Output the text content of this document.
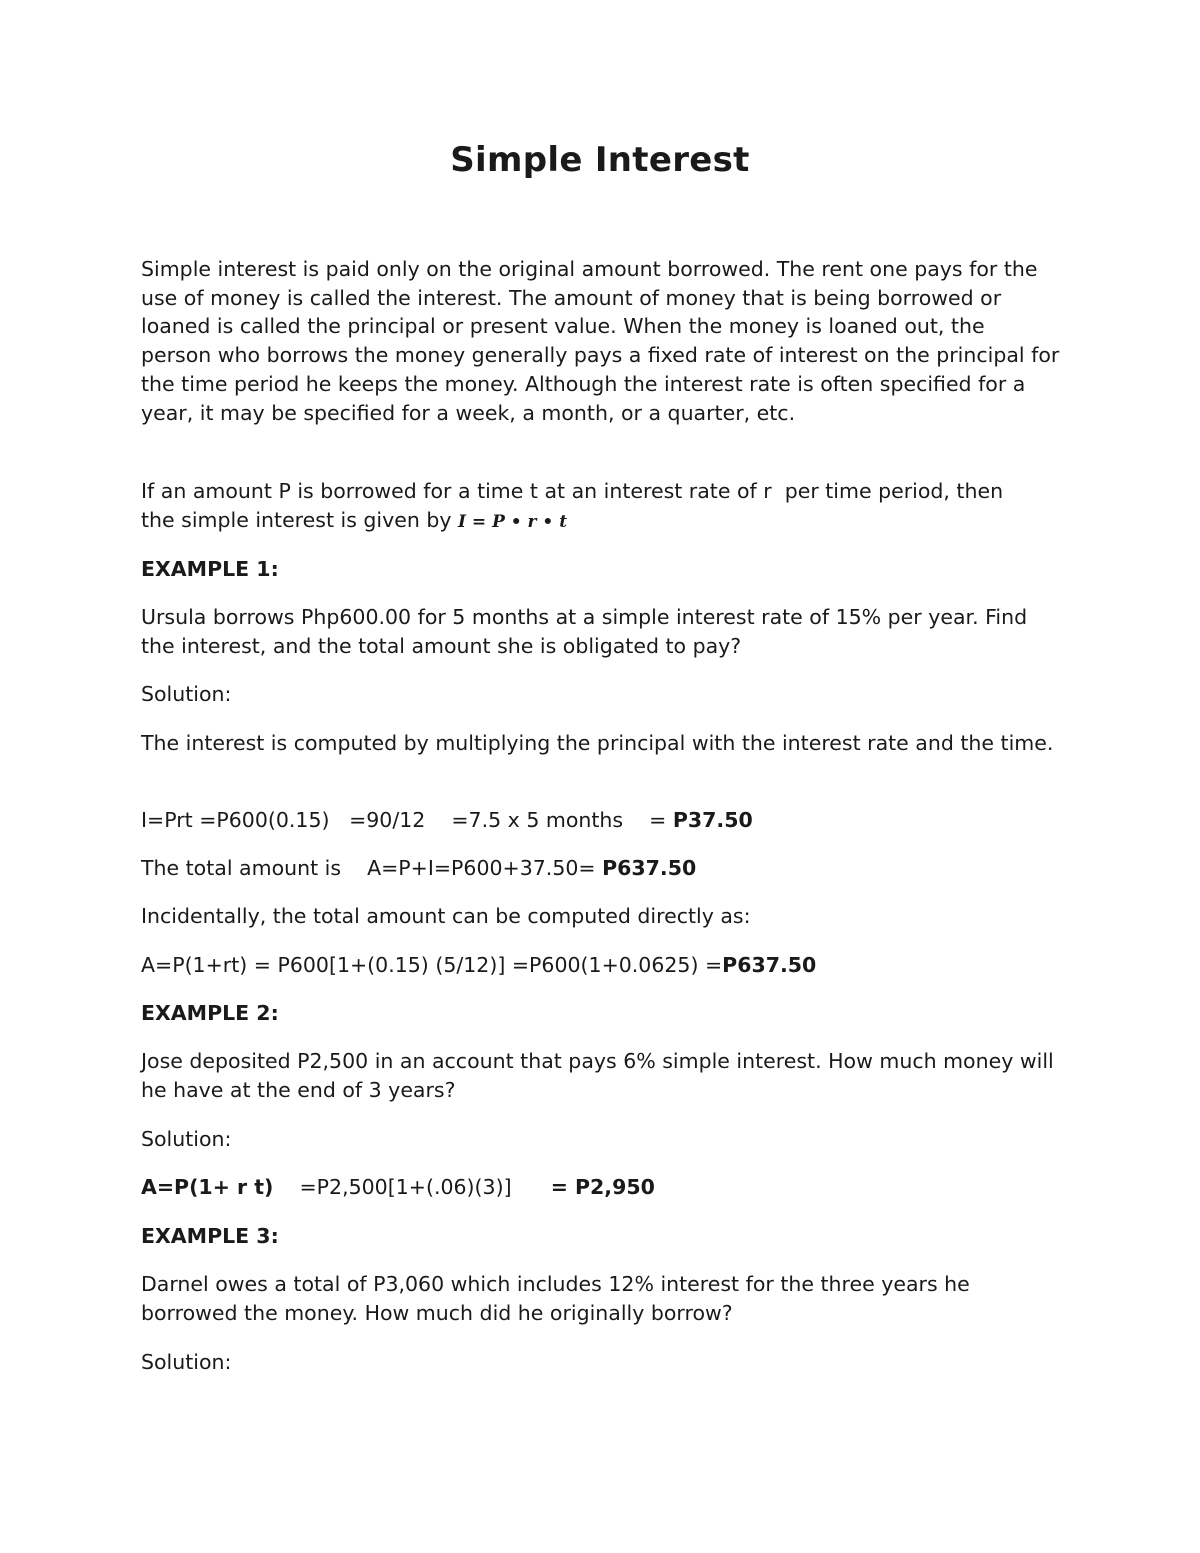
Simple Interest
Simple interest is paid only on the original amount borrowed. The rent one pays for the use of money is called the interest. The amount of money that is being borrowed or loaned is called the principal or present value. When the money is loaned out, the person who borrows the money generally pays a fixed rate of interest on the principal for the time period he keeps the money. Although the interest rate is often specified for a year, it may be specified for a week, a month, or a quarter, etc.
If an amount P is borrowed for a time t at an interest rate of r  per time period, then
the simple interest is given by I = P • r • t
EXAMPLE 1:
Ursula borrows Php600.00 for 5 months at a simple interest rate of 15% per year. Find the interest, and the total amount she is obligated to pay?
Solution:
The interest is computed by multiplying the principal with the interest rate and the time.
I=Prt =P600(0.15)   =90/12    =7.5 x 5 months    = P37.50
The total amount is    A=P+I=P600+37.50= P637.50
Incidentally, the total amount can be computed directly as:
A=P(1+rt) = P600[1+(0.15) (5/12)] =P600(1+0.0625) =P637.50
EXAMPLE 2:
Jose deposited P2,500 in an account that pays 6% simple interest. How much money will he have at the end of 3 years?
Solution:
A=P(1+ r t)    =P2,500[1+(.06)(3)]      = P2,950
EXAMPLE 3:
Darnel owes a total of P3,060 which includes 12% interest for the three years he borrowed the money. How much did he originally borrow?
Solution:
